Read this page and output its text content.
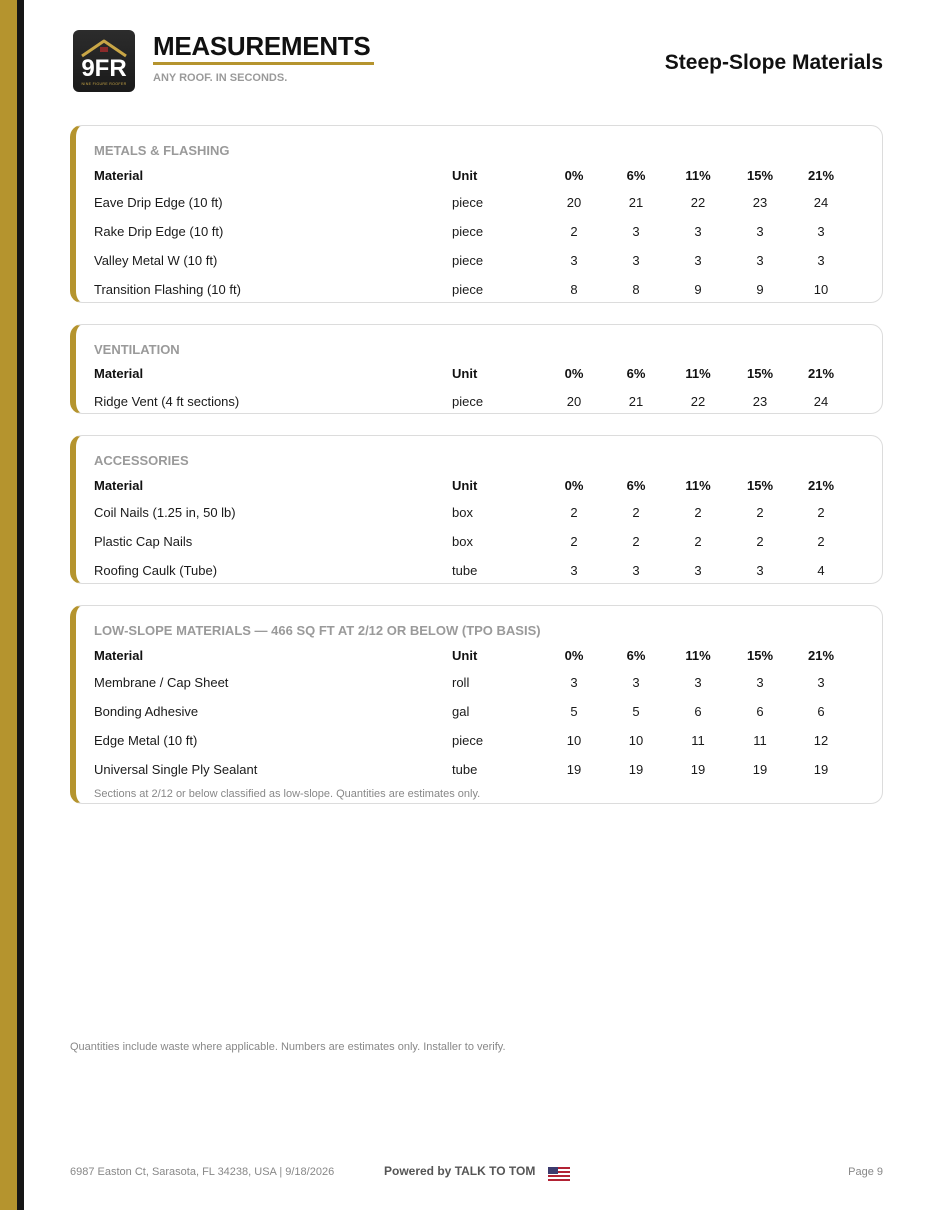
9FR
NINE FIGURE ROOFER
MEASUREMENTS
ANY ROOF. IN SECONDS.
Steep-Slope Materials
METALS & FLASHING
Material	Unit	0%	6%	11%	15%	21%
Eave Drip Edge (10 ft)	piece	20	21	22	23	24
Rake Drip Edge (10 ft)	piece	2	3	3	3	3
Valley Metal W (10 ft)	piece	3	3	3	3	3
Transition Flashing (10 ft)	piece	8	8	9	9	10
VENTILATION
Material	Unit	0%	6%	11%	15%	21%
Ridge Vent (4 ft sections)	piece	20	21	22	23	24
ACCESSORIES
Material	Unit	0%	6%	11%	15%	21%
Coil Nails (1.25 in, 50 lb)	box	2	2	2	2	2
Plastic Cap Nails	box	2	2	2	2	2
Roofing Caulk (Tube)	tube	3	3	3	3	4
LOW-SLOPE MATERIALS — 466 SQ FT AT 2/12 OR BELOW (TPO BASIS)
Material	Unit	0%	6%	11%	15%	21%
Membrane / Cap Sheet	roll	3	3	3	3	3
Bonding Adhesive	gal	5	5	6	6	6
Edge Metal (10 ft)	piece	10	10	11	11	12
Universal Single Ply Sealant	tube	19	19	19	19	19
Sections at 2/12 or below classified as low-slope. Quantities are estimates only.
Quantities include waste where applicable. Numbers are estimates only. Installer to verify.
6987 Easton Ct, Sarasota, FL 34238, USA | 9/18/2026	Powered by TALK TO TOM	Page 9
